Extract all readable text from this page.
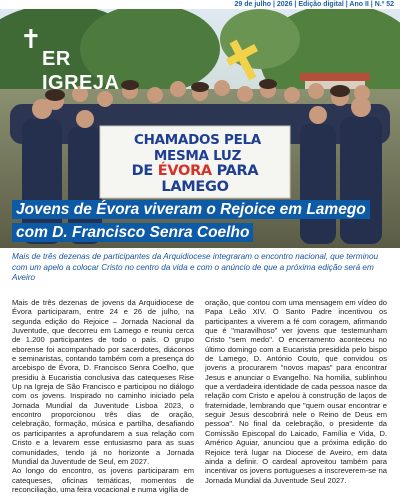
29 de julho | 2026 | Edição digital | Ano II | N.º 52
✝
ER IGREJA
CHAMADOS PELA MESMA LUZ
DE ÉVORA PARA LAMEGO
Jovens de Évora viveram o Rejoice em Lamego com D. Francisco Senra Coelho
Mais de três dezenas de participantes da Arquidiocese integraram o encontro nacional, que terminou com um apelo a colocar Cristo no centro da vida e com o anúncio de que a próxima edição será em Aveiro

Mais de três dezenas de jovens da Arquidiocese de Évora participaram, entre 24 e 26 de julho, na segunda edição do Rejoice – Jornada Nacional da Juventude, que decorreu em Lamego e reuniu cerca de 1.200 participantes de todo o país. O grupo eborense foi acompanhado por sacerdotes, diáconos e seminaristas, contando também com a presença do arcebispo de Évora, D. Francisco Senra Coelho, que presidiu à Eucaristia conclusiva das catequeses Rise Up na Igreja de São Francisco e participou no diálogo com os jovens. Inspirado no caminho iniciado pela Jornada Mundial da Juventude Lisboa 2023, o encontro proporcionou três dias de oração, celebração, formação, música e partilha, desafiando os participantes a aprofundarem a sua relação com Cristo e a levarem esse entusiasmo para as suas comunidades, tendo já no horizonte a Jornada Mundial da Juventude de Seul, em 2027.

Ao longo do encontro, os jovens participaram em catequeses, oficinas temáticas, momentos de reconciliação, uma feira vocacional e numa vigília de

oração, que contou com uma mensagem em vídeo do Papa Leão XIV. O Santo Padre incentivou os participantes a viverem a fé com coragem, afirmando que é "maravilhoso" ver jovens que testemunham Cristo "sem medo". O encerramento aconteceu no último domingo com a Eucaristia presidida pelo bispo de Lamego, D. António Couto, que convidou os jovens a procurarem "novos mapas" para encontrar Jesus e anunciar o Evangelho. Na homilia, sublinhou que a verdadeira identidade de cada pessoa nasce da relação com Cristo e apelou à construção de laços de fraternidade, lembrando que "quem ousar encontrar e seguir Jesus descobrirá nele o Reino de Deus em pessoa". No final da celebração, o presidente da Comissão Episcopal do Laicado, Família e Vida, D. Américo Aguiar, anunciou que a próxima edição do Rejoice terá lugar na Diocese de Aveiro, em data ainda a definir. O cardeal aproveitou também para incentivar os jovens portugueses a inscreverem-se na Jornada Mundial da Juventude Seul 2027.
